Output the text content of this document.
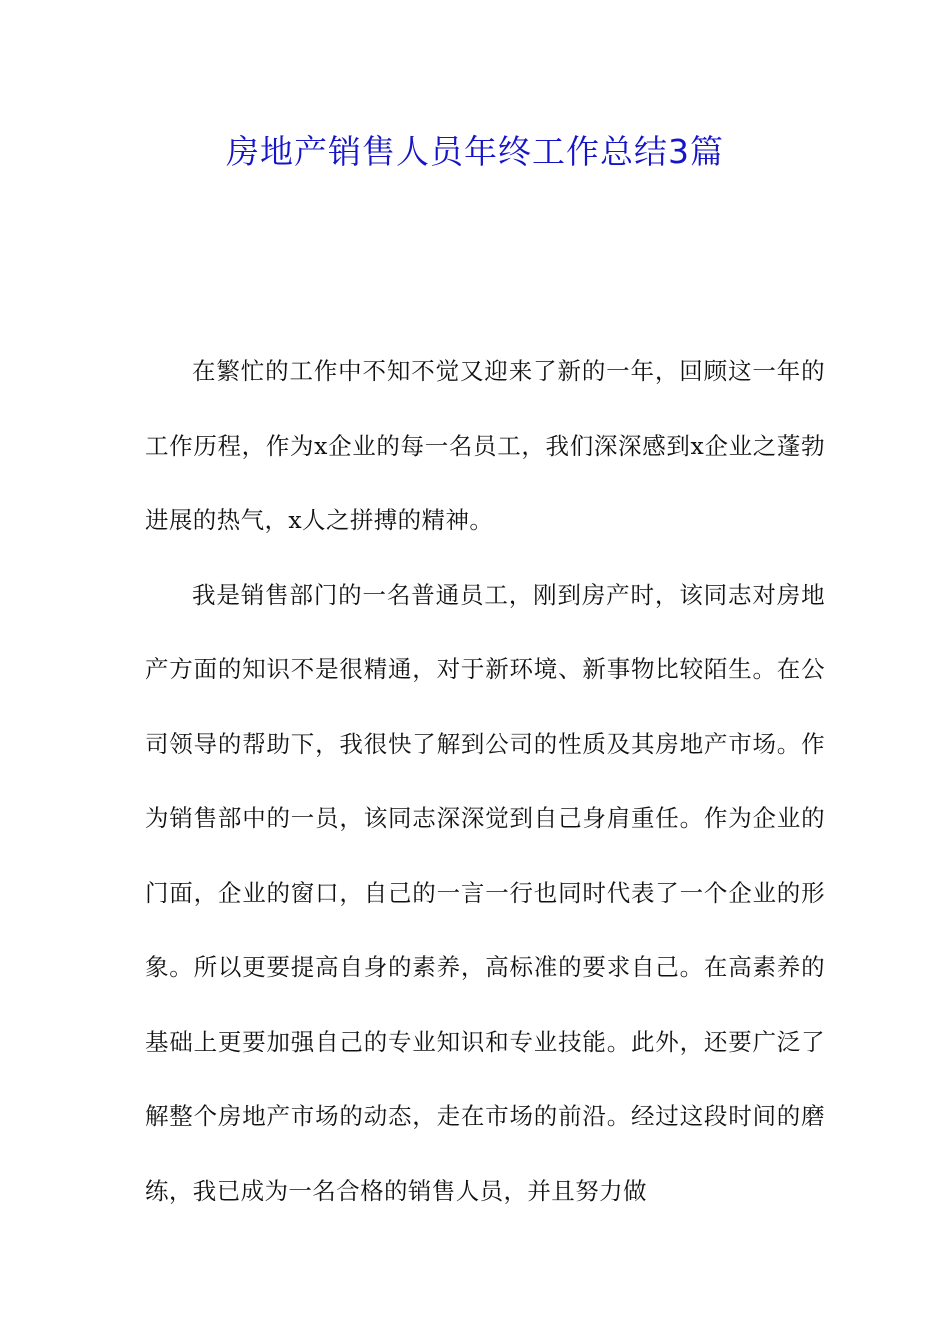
房地产销售人员年终工作总结3篇

在繁忙的工作中不知不觉又迎来了新的一年，回顾这一年的工作历程，作为x企业的每一名员工，我们深深感到x企业之蓬勃进展的热气，x人之拼搏的精神。

我是销售部门的一名普通员工，刚到房产时，该同志对房地产方面的知识不是很精通，对于新环境、新事物比较陌生。在公司领导的帮助下，我很快了解到公司的性质及其房地产市场。作为销售部中的一员，该同志深深觉到自己身肩重任。作为企业的门面，企业的窗口，自己的一言一行也同时代表了一个企业的形象。所以更要提高自身的素养，高标准的要求自己。在高素养的基础上更要加强自己的专业知识和专业技能。此外，还要广泛了解整个房地产市场的动态，走在市场的前沿。经过这段时间的磨练，我已成为一名合格的销售人员，并且努力做
